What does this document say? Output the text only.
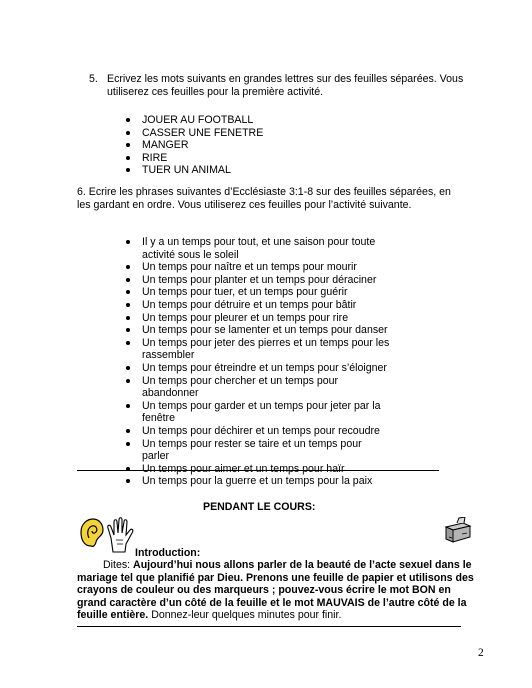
5. Ecrivez les mots suivants en grandes lettres sur des feuilles séparées. Vous utiliserez ces feuilles pour la première activité.
JOUER AU FOOTBALL
CASSER UNE FENETRE
MANGER
RIRE
TUER UN ANIMAL
6. Ecrire les phrases suivantes d’Ecclésiaste 3:1-8 sur des feuilles séparées, en les gardant en ordre. Vous utiliserez ces feuilles pour l’activité suivante.
Il y a un temps pour tout, et une saison pour toute activité sous le soleil
Un temps pour naître et un temps pour mourir
Un temps pour planter et un temps pour déraciner
Un temps pour tuer, et un temps pour guérir
Un temps pour détruire et un temps pour bâtir
Un temps pour pleurer et un temps pour rire
Un temps pour se lamenter et un temps pour danser
Un temps pour jeter des pierres et un temps pour les rassembler
Un temps pour étreindre et un temps pour s’éloigner
Un temps pour chercher et un temps pour abandonner
Un temps pour garder et un temps pour jeter par la fenêtre
Un temps pour déchirer et un temps pour recoudre
Un temps pour rester se taire et un temps pour parler
Un temps pour aimer et un temps pour haïr
Un temps pour la guerre et un temps pour la paix
PENDANT LE COURS:
Introduction:
Dites: Aujourd’hui nous allons parler de la beauté de l’acte sexuel dans le mariage tel que planifié par Dieu. Prenons une feuille de papier et utilisons des crayons de couleur ou des marqueurs ; pouvez-vous écrire le mot BON en grand caractère d’un côté de la feuille et le mot MAUVAIS de l’autre côté de la feuille entière. Donnez-leur quelques minutes pour finir.
2
